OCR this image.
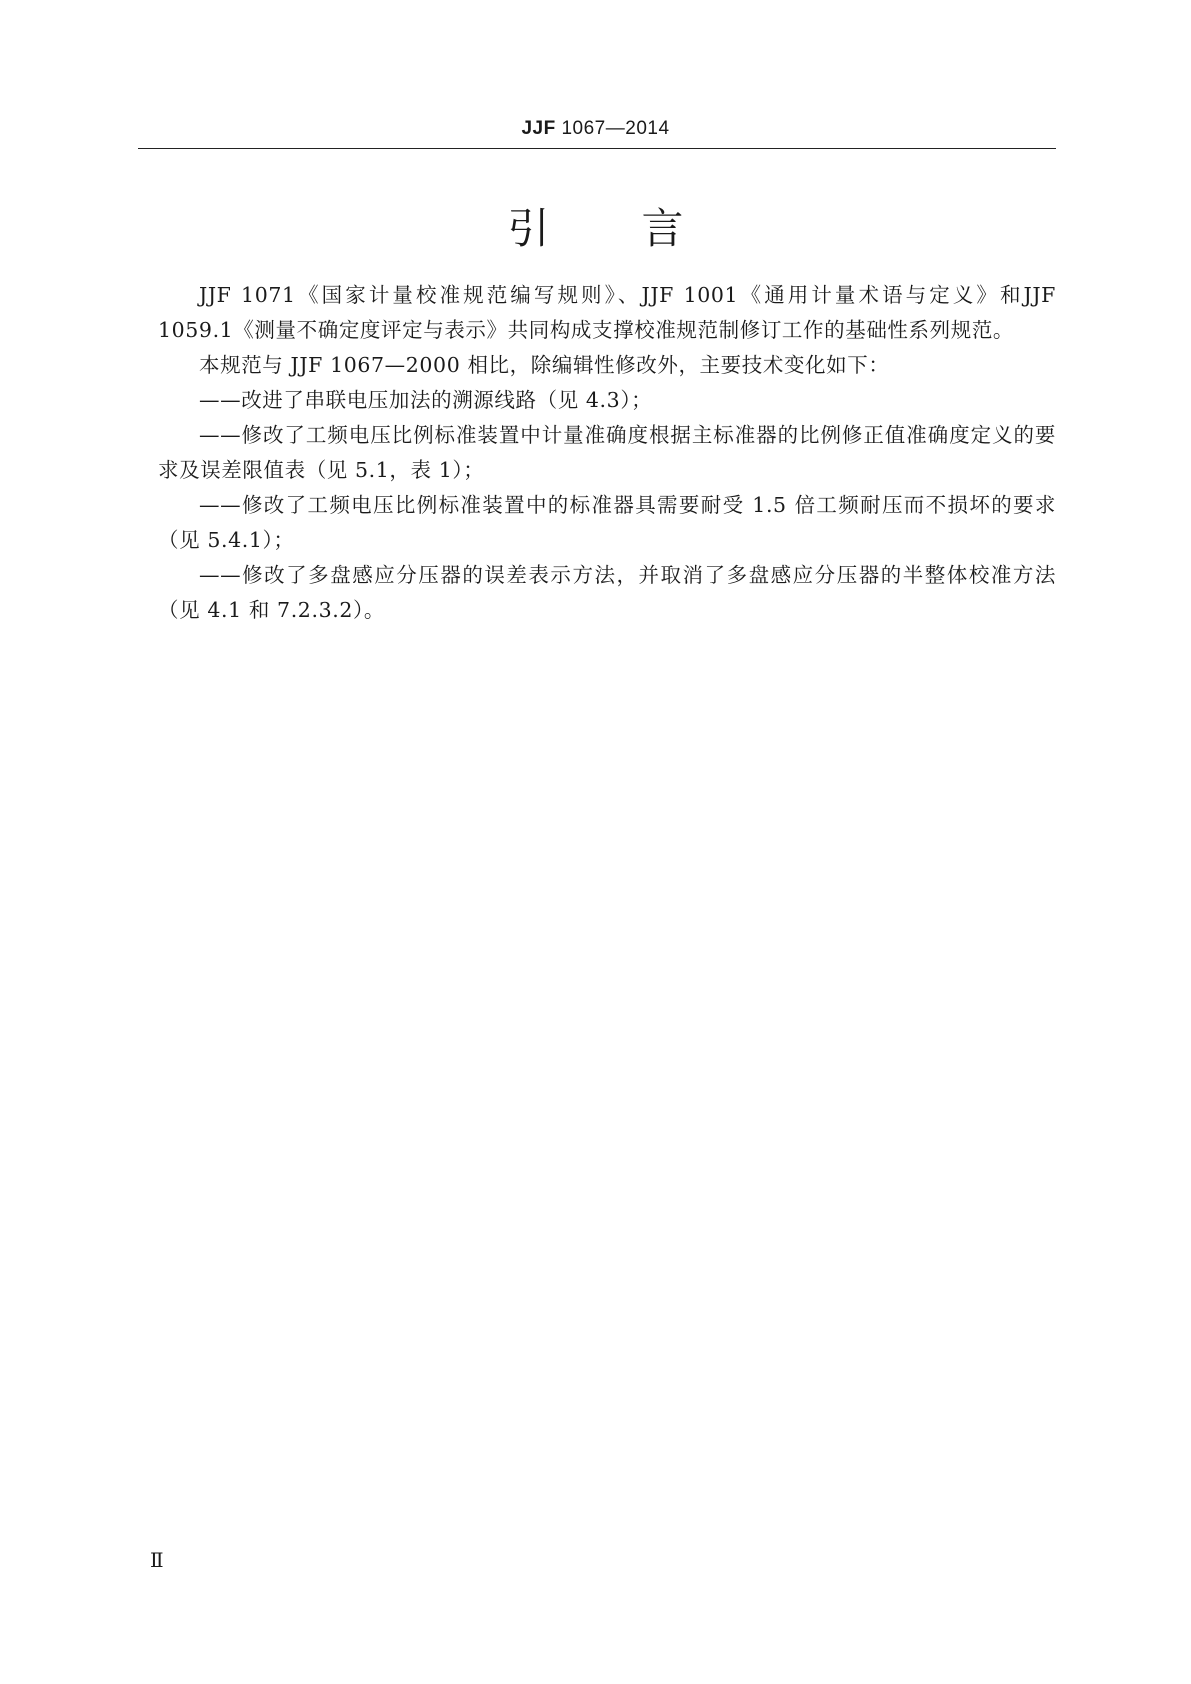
JJF 1067—2014
引 言

JJF 1071《国家计量校准规范编写规则》、JJF 1001《通用计量术语与定义》和JJF 1059.1《测量不确定度评定与表示》共同构成支撑校准规范制修订工作的基础性系列规范。

本规范与 JJF 1067—2000 相比，除编辑性修改外，主要技术变化如下：

——改进了串联电压加法的溯源线路（见 4.3）；

——修改了工频电压比例标准装置中计量准确度根据主标准器的比例修正值准确度定义的要求及误差限值表（见 5.1，表 1）；

——修改了工频电压比例标准装置中的标准器具需要耐受 1.5 倍工频耐压而不损坏的要求（见 5.4.1）；

——修改了多盘感应分压器的误差表示方法，并取消了多盘感应分压器的半整体校准方法（见 4.1 和 7.2.3.2）。

Ⅱ
